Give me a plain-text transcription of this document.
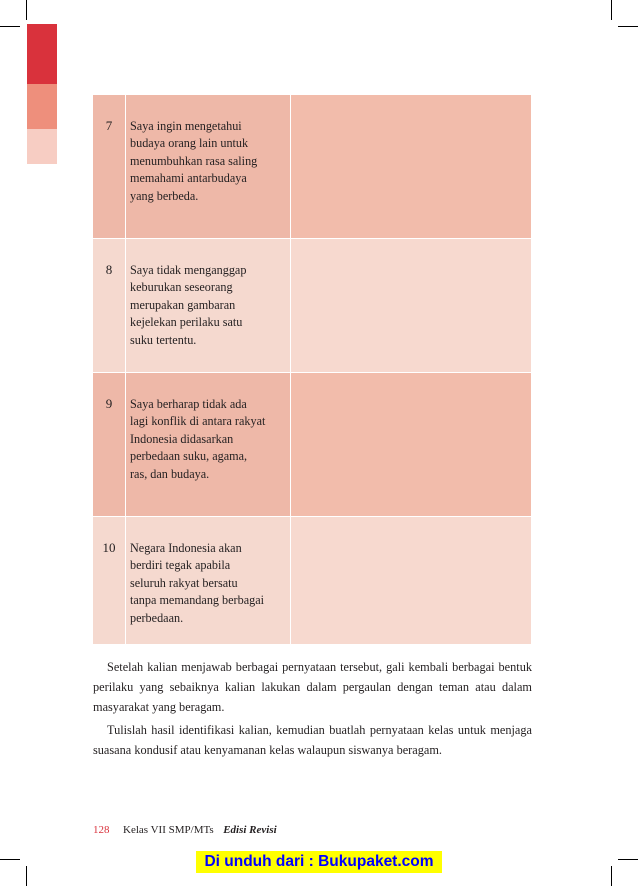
7	Saya ingin mengetahui
budaya orang lain untuk
menumbuhkan rasa saling
memahami antarbudaya
yang berbeda.
8	Saya tidak menganggap
keburukan seseorang
merupakan gambaran
kejelekan perilaku satu
suku tertentu.
9	Saya berharap tidak ada
lagi konflik di antara rakyat
Indonesia didasarkan
perbedaan suku, agama,
ras, dan budaya.
10	Negara Indonesia akan
berdiri tegak apabila
seluruh rakyat bersatu
tanpa memandang berbagai
perbedaan.
Setelah kalian menjawab berbagai pernyataan tersebut, gali kembali berbagai bentuk perilaku yang sebaiknya kalian lakukan dalam pergaulan dengan teman atau dalam masyarakat yang beragam.
Tulislah hasil identifikasi kalian, kemudian buatlah pernyataan kelas untuk menjaga suasana kondusif atau kenyamanan kelas walaupun siswanya beragam.
128 Kelas VII SMP/MTs Edisi Revisi
Di unduh dari : Bukupaket.com
